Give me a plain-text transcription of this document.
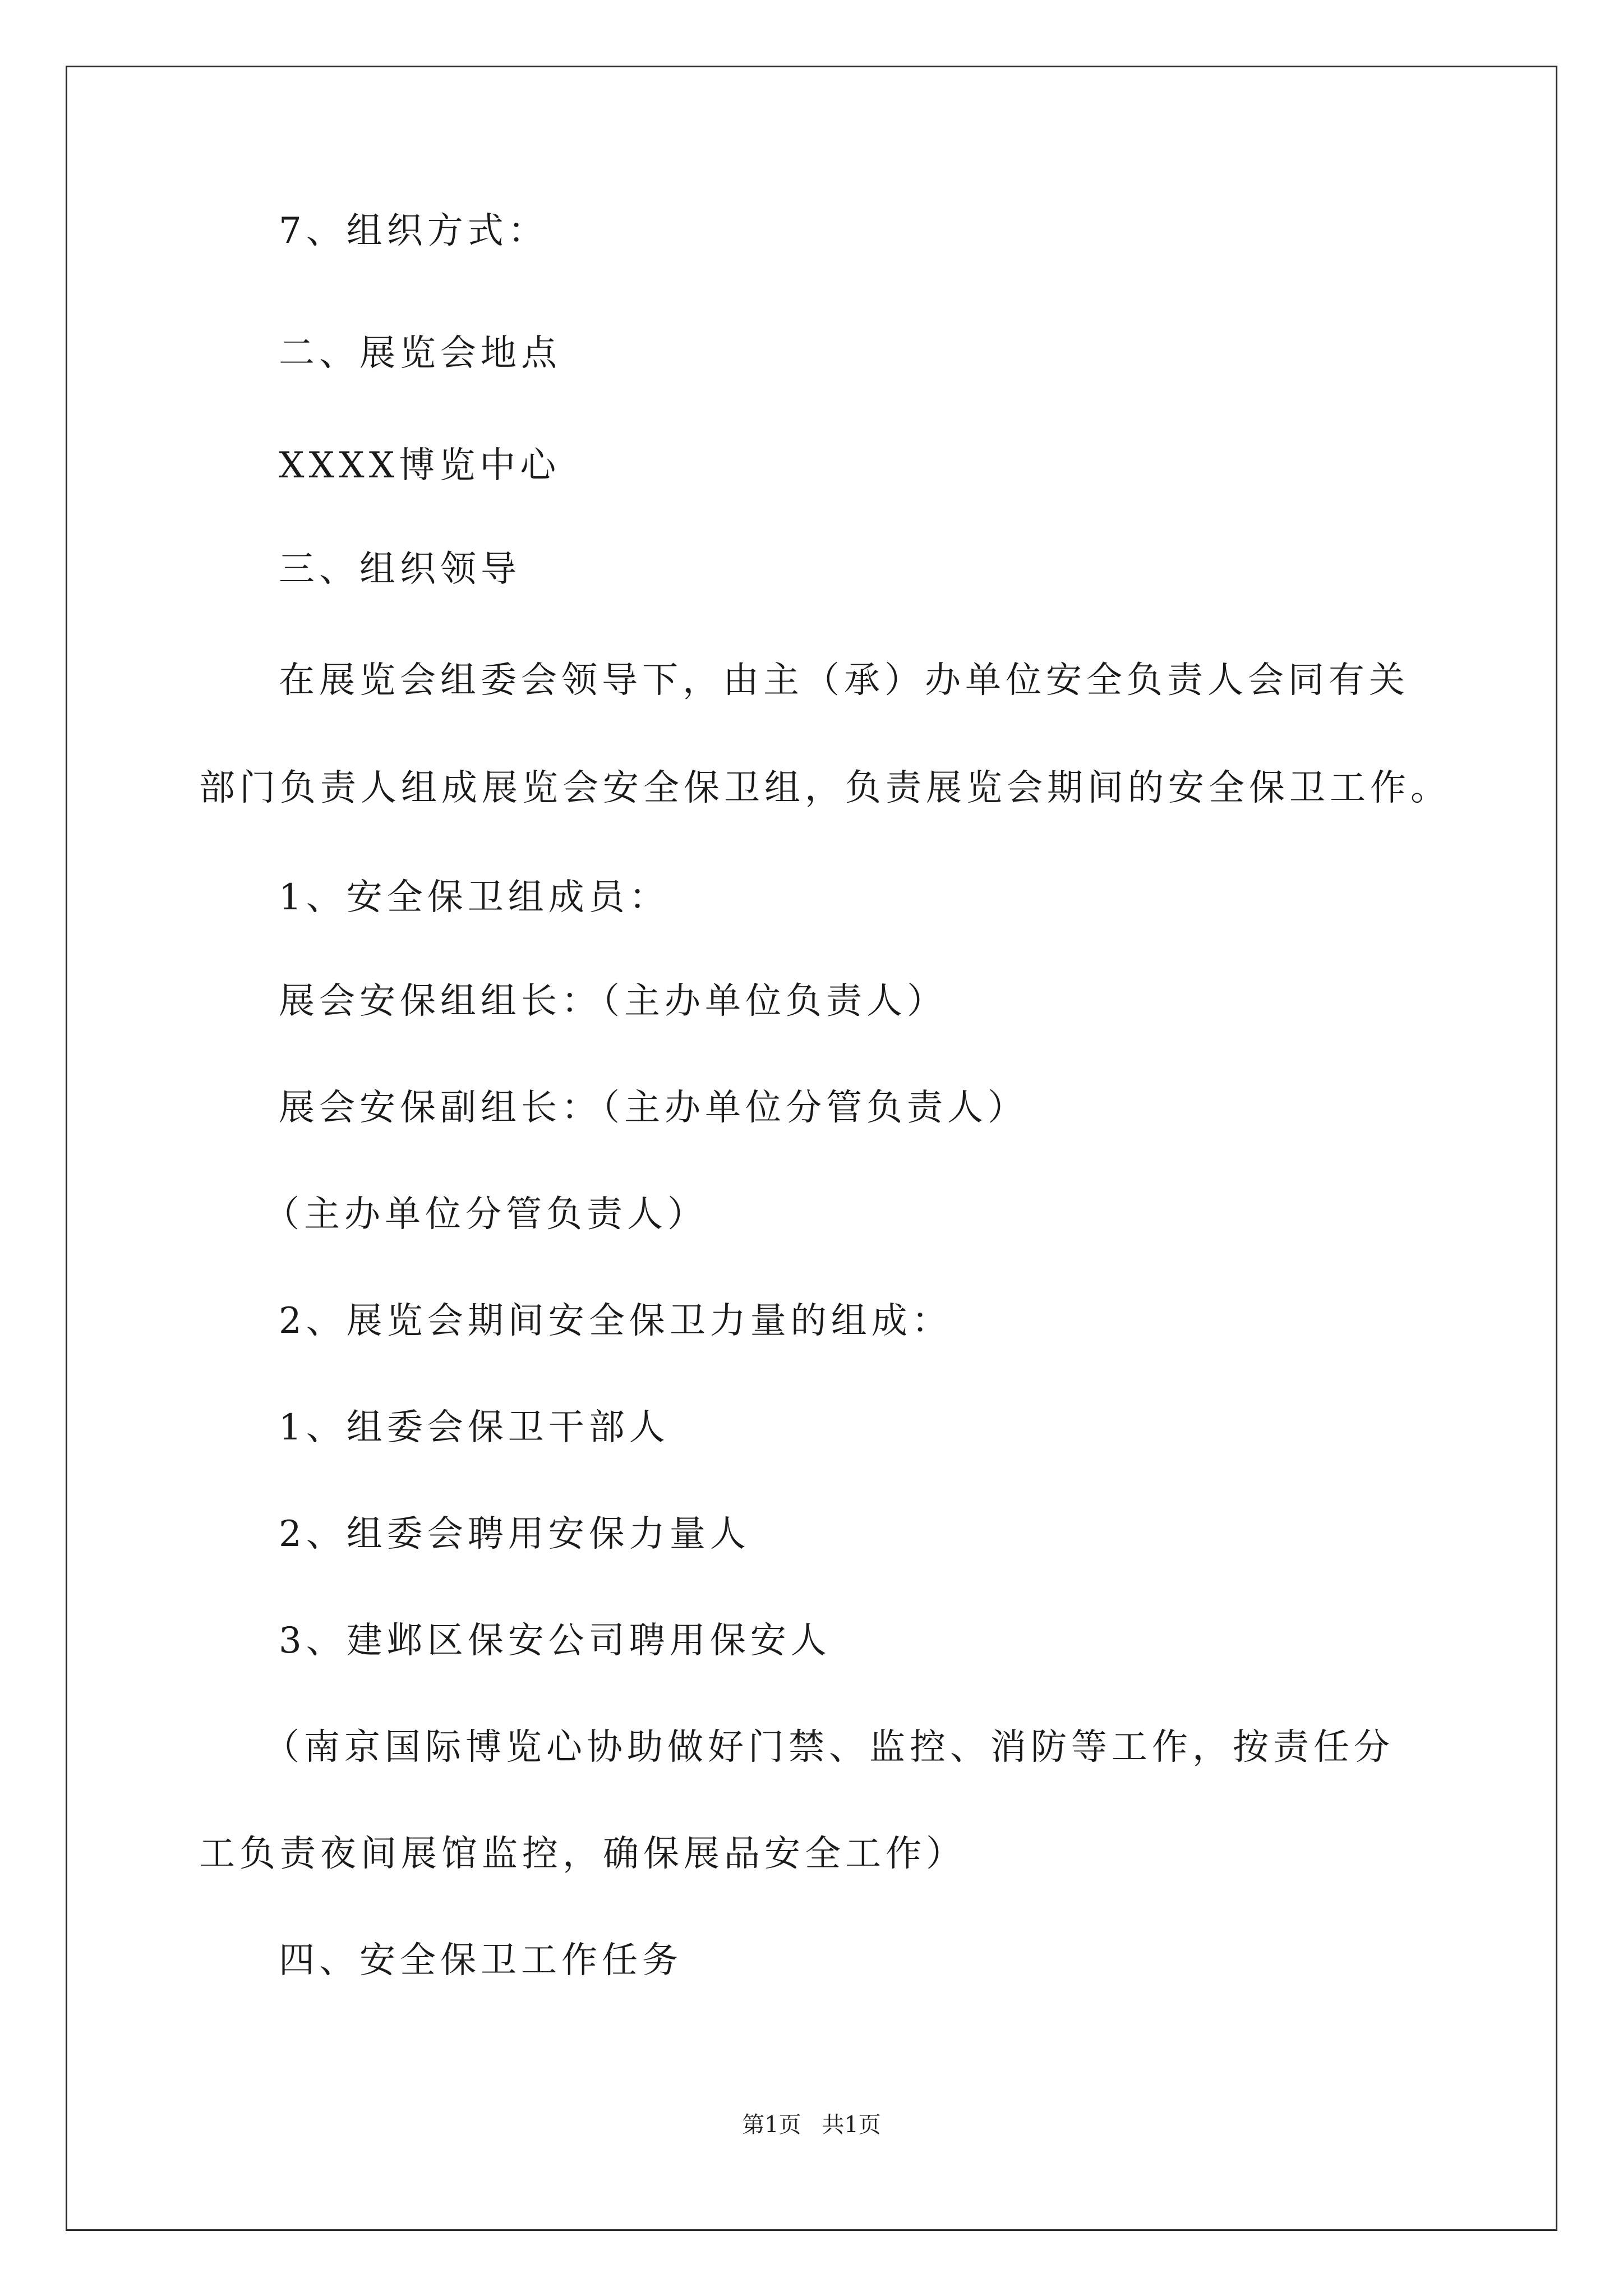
7、组织方式：
二、展览会地点
XXXX博览中心
三、组织领导
在展览会组委会领导下，由主（承）办单位安全负责人会同有关
部门负责人组成展览会安全保卫组，负责展览会期间的安全保卫工作。
1、安全保卫组成员：
展会安保组组长：（主办单位负责人）
展会安保副组长：（主办单位分管负责人）
（主办单位分管负责人）
2、展览会期间安全保卫力量的组成：
1、组委会保卫干部人
2、组委会聘用安保力量人
3、建邺区保安公司聘用保安人
（南京国际博览心协助做好门禁、监控、消防等工作，按责任分
工负责夜间展馆监控，确保展品安全工作）
四、安全保卫工作任务
第1页 共1页
